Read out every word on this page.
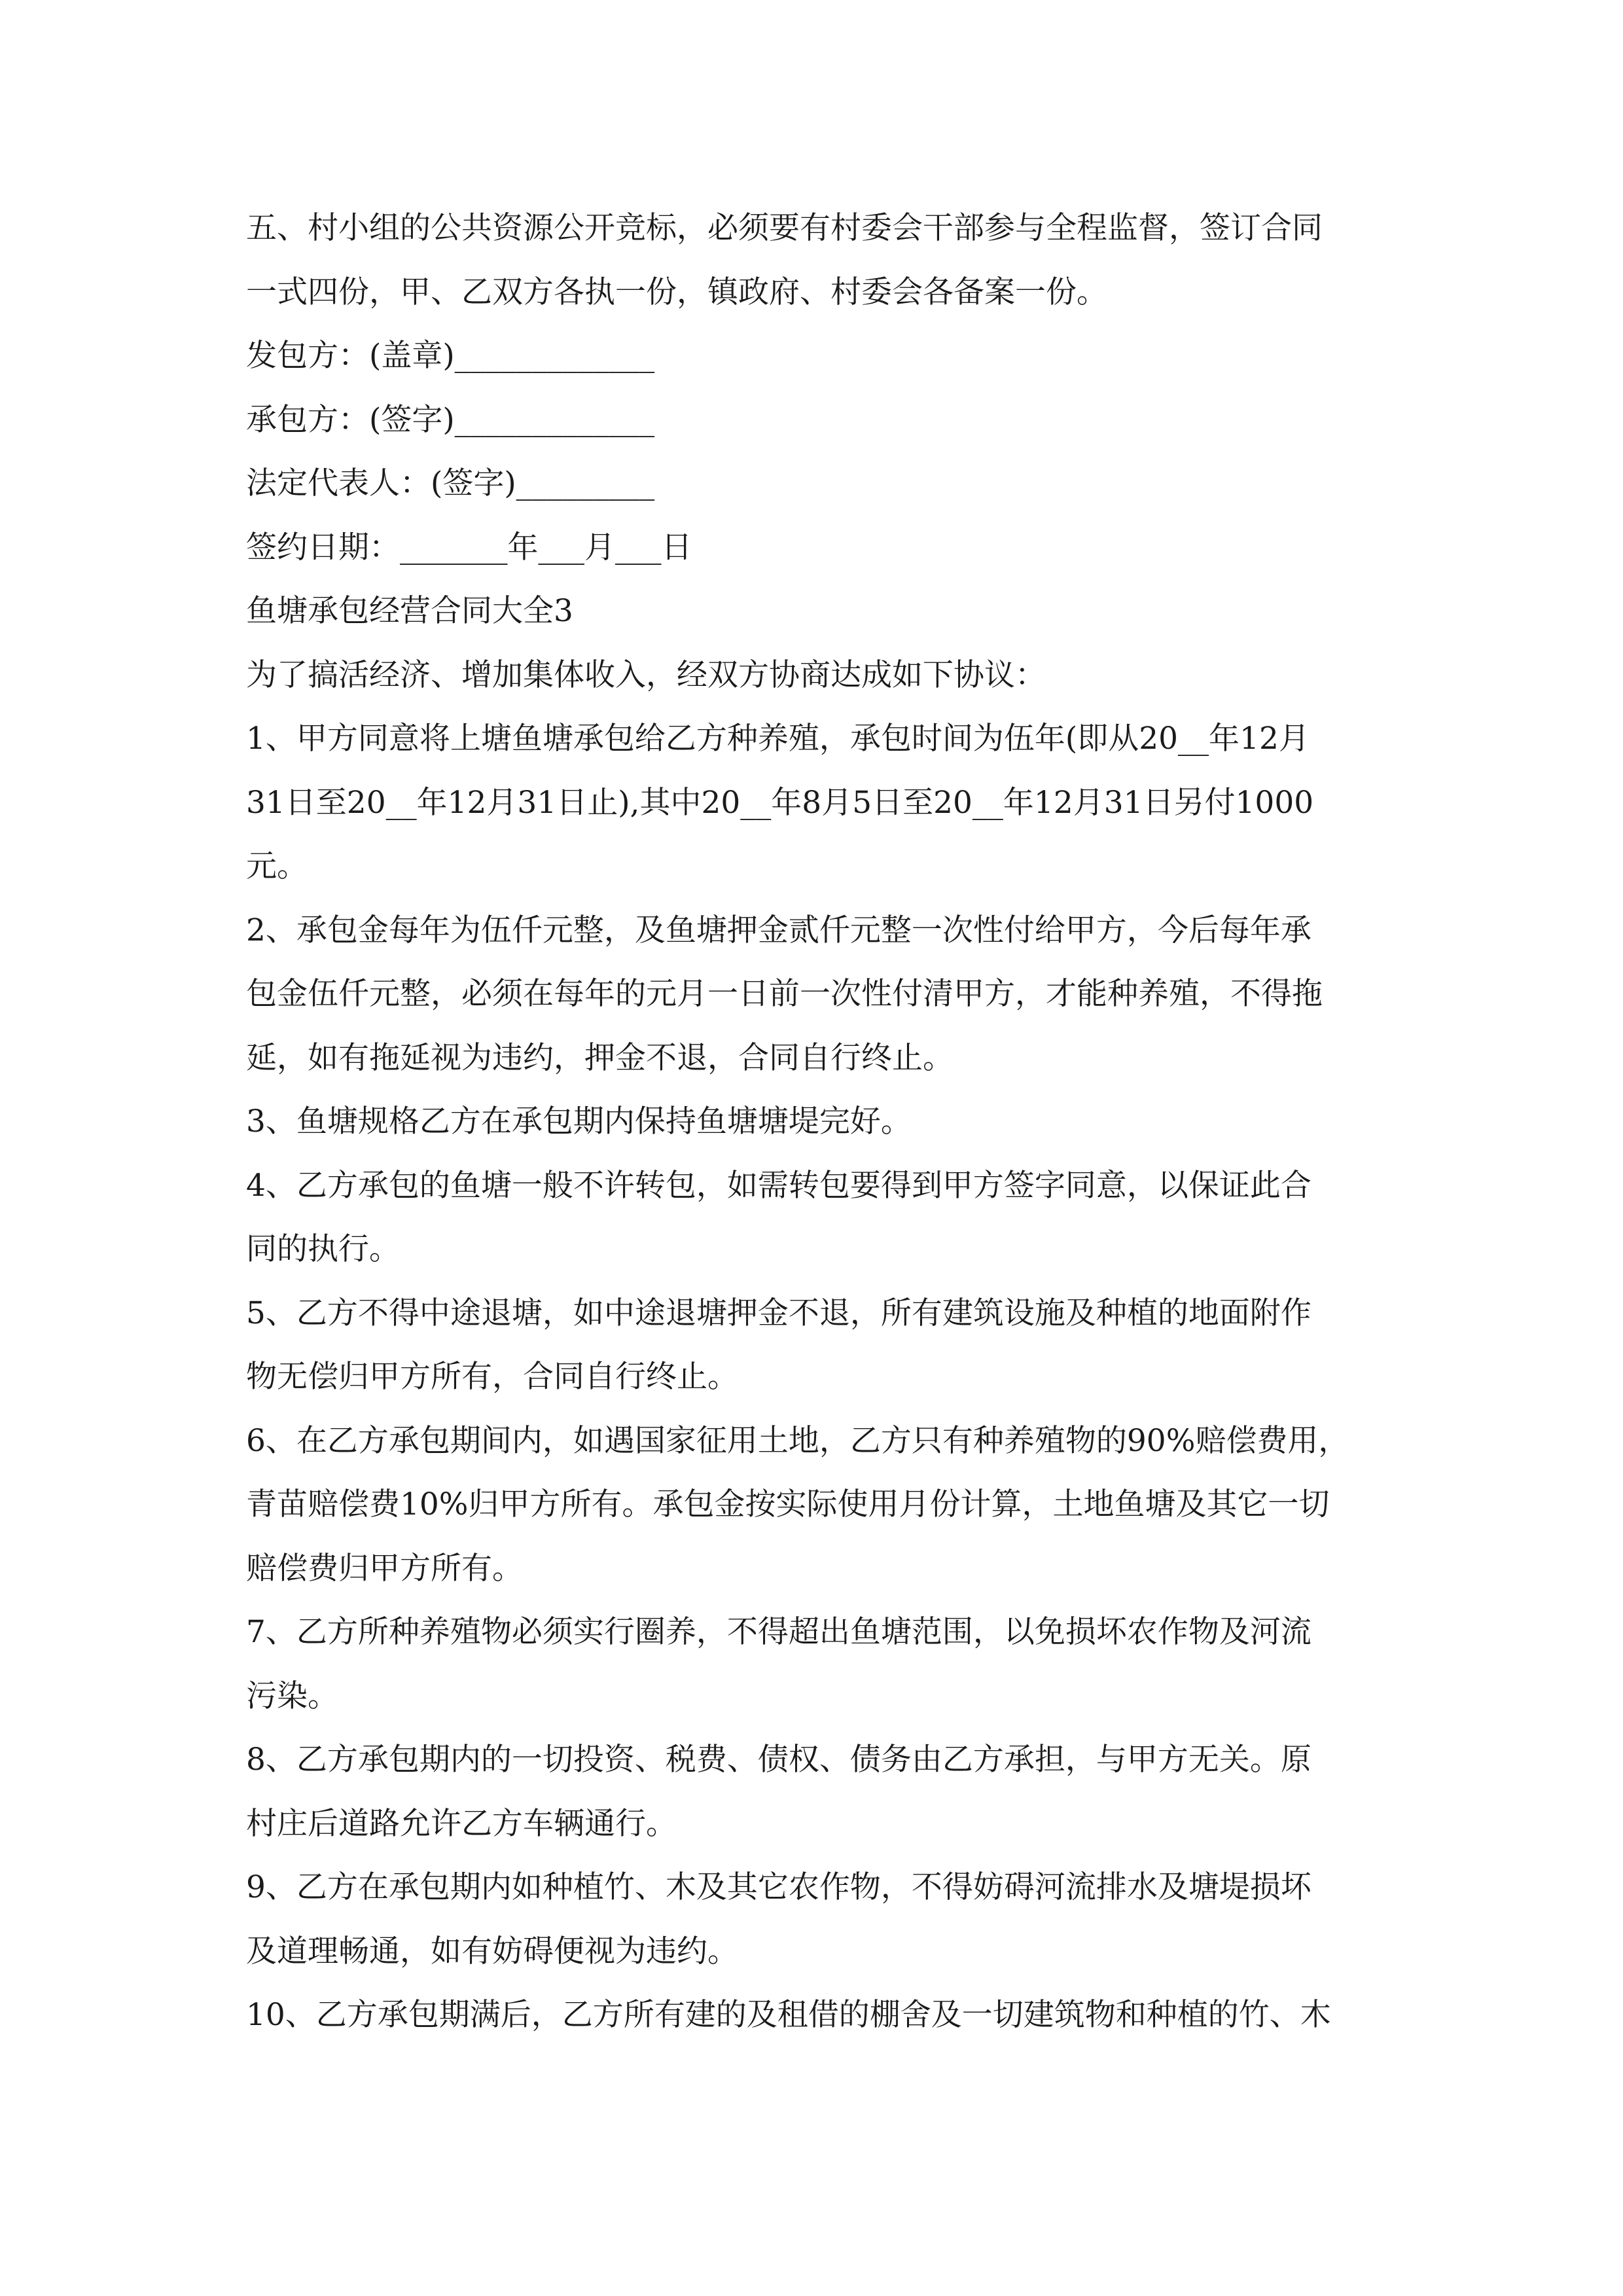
五、村小组的公共资源公开竞标，必须要有村委会干部参与全程监督，签订合同
一式四份，甲、乙双方各执一份，镇政府、村委会各备案一份。
发包方：(盖章)_____________
承包方：(签字)_____________
法定代表人：(签字)_________
签约日期：_______年___月___日
鱼塘承包经营合同大全3
为了搞活经济、增加集体收入，经双方协商达成如下协议：
1、甲方同意将上塘鱼塘承包给乙方种养殖，承包时间为伍年(即从20__年12月
31日至20__年12月31日止),其中20__年8月5日至20__年12月31日另付1000
元。
2、承包金每年为伍仟元整，及鱼塘押金贰仟元整一次性付给甲方，今后每年承
包金伍仟元整，必须在每年的元月一日前一次性付清甲方，才能种养殖，不得拖
延，如有拖延视为违约，押金不退，合同自行终止。
3、鱼塘规格乙方在承包期内保持鱼塘塘堤完好。
4、乙方承包的鱼塘一般不许转包，如需转包要得到甲方签字同意，以保证此合
同的执行。
5、乙方不得中途退塘，如中途退塘押金不退，所有建筑设施及种植的地面附作
物无偿归甲方所有，合同自行终止。
6、在乙方承包期间内，如遇国家征用土地，乙方只有种养殖物的90%赔偿费用，
青苗赔偿费10%归甲方所有。承包金按实际使用月份计算，土地鱼塘及其它一切
赔偿费归甲方所有。
7、乙方所种养殖物必须实行圈养，不得超出鱼塘范围，以免损坏农作物及河流
污染。
8、乙方承包期内的一切投资、税费、债权、债务由乙方承担，与甲方无关。原
村庄后道路允许乙方车辆通行。
9、乙方在承包期内如种植竹、木及其它农作物，不得妨碍河流排水及塘堤损坏
及道理畅通，如有妨碍便视为违约。
10、乙方承包期满后，乙方所有建的及租借的棚舍及一切建筑物和种植的竹、木
